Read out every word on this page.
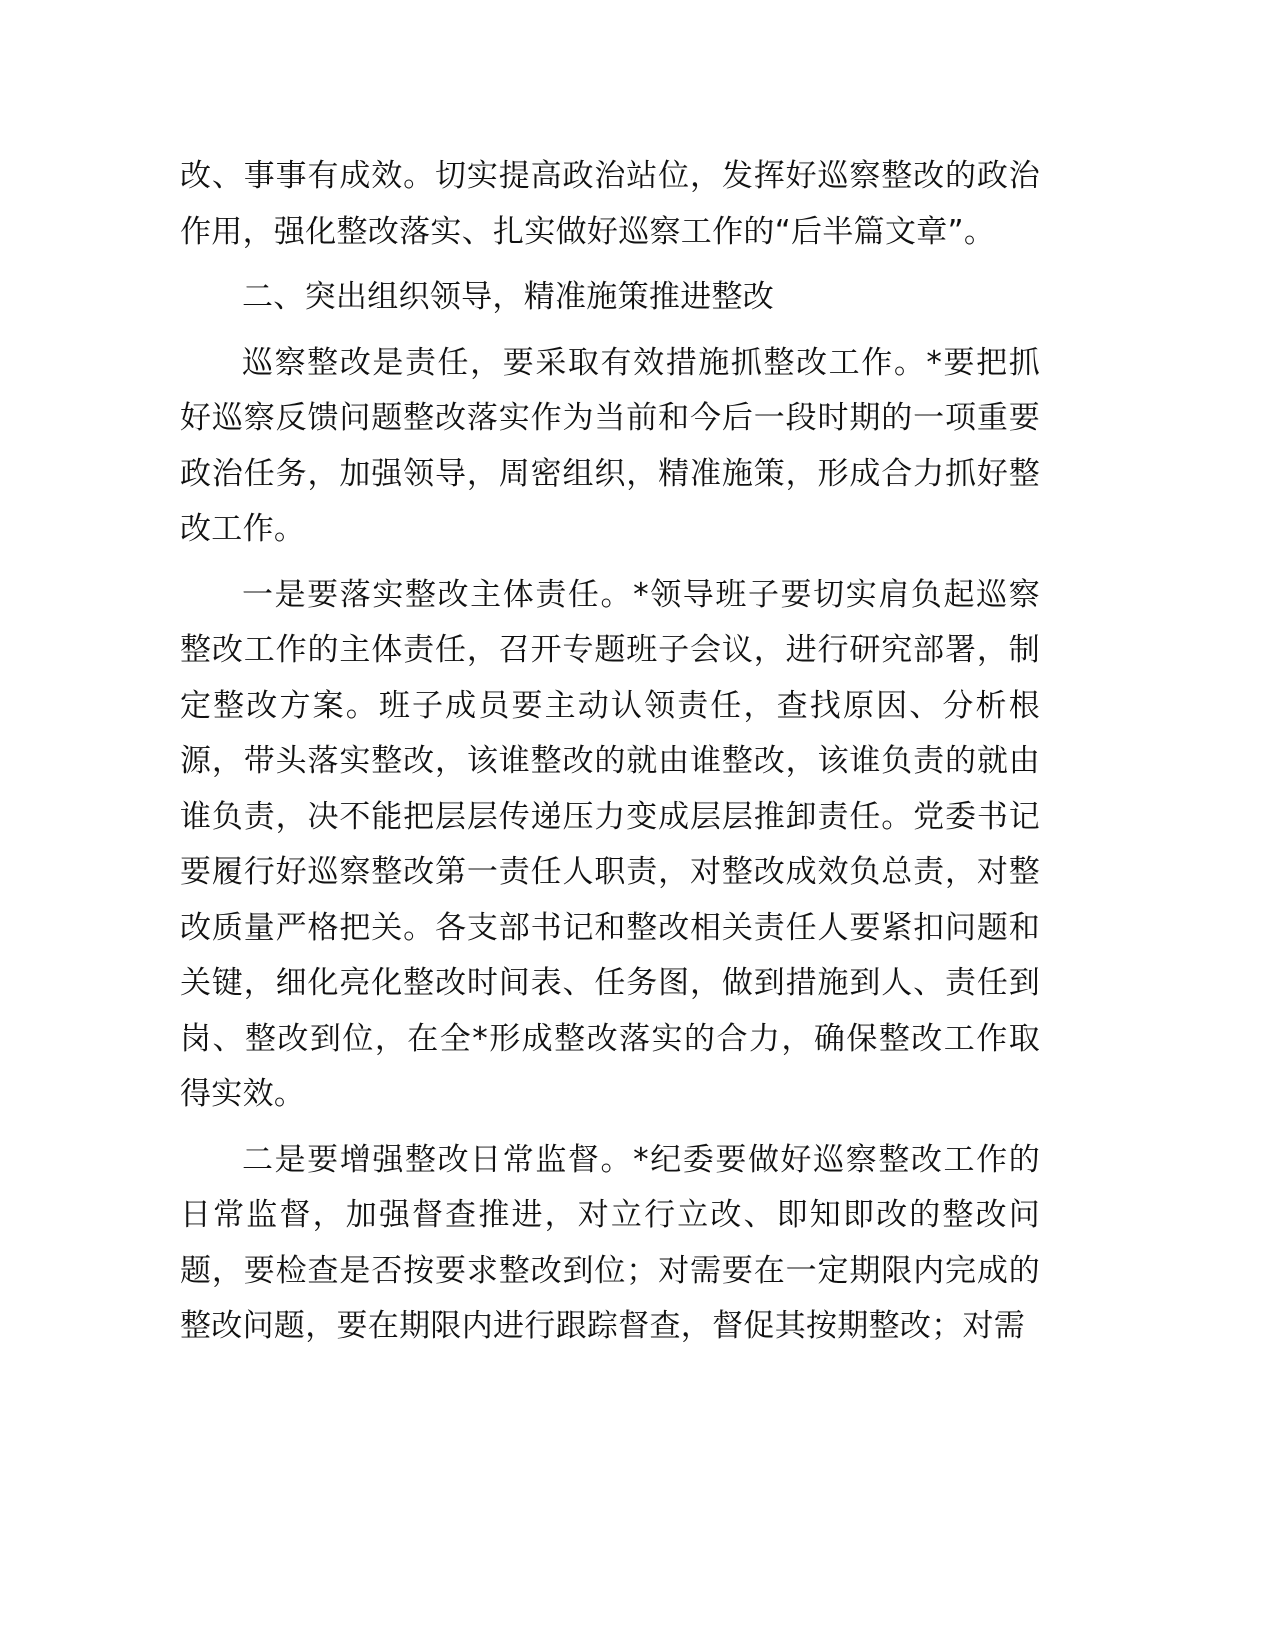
改、事事有成效。切实提高政治站位，发挥好巡察整改的政治作用，强化整改落实、扎实做好巡察工作的“后半篇文章”。

二、突出组织领导，精准施策推进整改

巡察整改是责任，要采取有效措施抓整改工作。*要把抓好巡察反馈问题整改落实作为当前和今后一段时期的一项重要政治任务，加强领导，周密组织，精准施策，形成合力抓好整改工作。

一是要落实整改主体责任。*领导班子要切实肩负起巡察整改工作的主体责任，召开专题班子会议，进行研究部署，制定整改方案。班子成员要主动认领责任，查找原因、分析根源，带头落实整改，该谁整改的就由谁整改，该谁负责的就由谁负责，决不能把层层传递压力变成层层推卸责任。党委书记要履行好巡察整改第一责任人职责，对整改成效负总责，对整改质量严格把关。各支部书记和整改相关责任人要紧扣问题和关键，细化亮化整改时间表、任务图，做到措施到人、责任到岗、整改到位，在全*形成整改落实的合力，确保整改工作取得实效。

二是要增强整改日常监督。*纪委要做好巡察整改工作的日常监督，加强督查推进，对立行立改、即知即改的整改问题，要检查是否按要求整改到位；对需要在一定期限内完成的整改问题，要在期限内进行跟踪督查，督促其按期整改；对需
